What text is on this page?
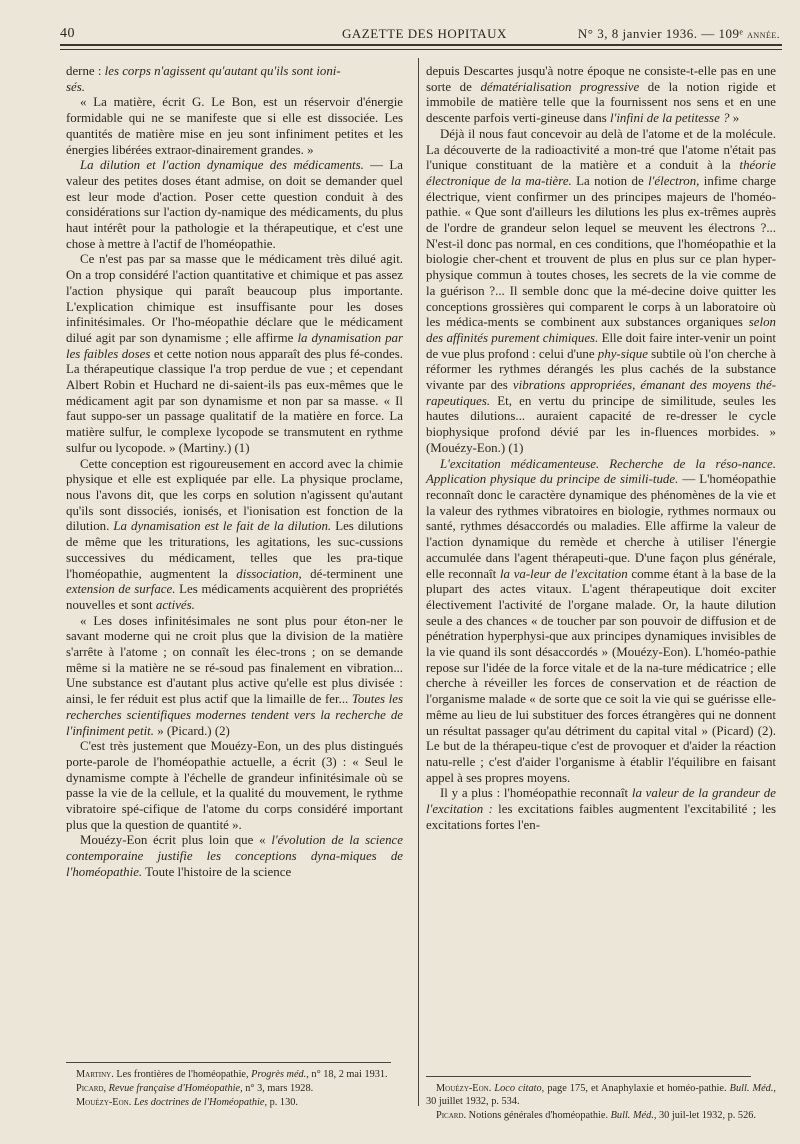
40	GAZETTE DES HOPITAUX	N° 3, 8 janvier 1936. — 109ᵉ année.

derne : les corps n'agissent qu'autant qu'ils sont ioni-
sés.

« La matière, écrit G. Le Bon, est un réservoir d'énergie formidable qui ne se manifeste que si elle est dissociée. Les quantités de matière mise en jeu sont infiniment petites et les énergies libérées extraor-dinairement grandes. »

La dilution et l'action dynamique des médicaments. — La valeur des petites doses étant admise, on doit se demander quel est leur mode d'action. Poser cette question conduit à des considérations sur l'action dy-namique des médicaments, du plus haut intérêt pour la pathologie et la thérapeutique, et c'est une chose à mettre à l'actif de l'homéopathie.

Ce n'est pas par sa masse que le médicament très dilué agit. On a trop considéré l'action quantitative et chimique et pas assez l'action physique qui paraît beaucoup plus importante. L'explication chimique est insuffisante pour les doses infinitésimales. Or l'ho-méopathie déclare que le médicament dilué agit par son dynamisme ; elle affirme la dynamisation par les faibles doses et cette notion nous apparaît des plus fé-condes. La thérapeutique classique l'a trop perdue de vue ; et cependant Albert Robin et Huchard ne di-saient-ils pas eux-mêmes que le médicament agit par son dynamisme et non par sa masse. « Il faut suppo-ser un passage qualitatif de la matière en force. La matière sulfur, le complexe lycopode se transmutent en rythme sulfur ou lycopode. » (Martiny.) (1)

Cette conception est rigoureusement en accord avec la chimie physique et elle est expliquée par elle. La physique proclame, nous l'avons dit, que les corps en solution n'agissent qu'autant qu'ils sont dissociés, ionisés, et l'ionisation est fonction de la dilution. La dynamisation est le fait de la dilution. Les dilutions de même que les triturations, les agitations, les suc-cussions successives du médicament, telles que les pra-tique l'homéopathie, augmentent la dissociation, dé-terminent une extension de surface. Les médicaments acquièrent des propriétés nouvelles et sont activés.

« Les doses infinitésimales ne sont plus pour éton-ner le savant moderne qui ne croit plus que la division de la matière s'arrête à l'atome ; on connaît les élec-trons ; on se demande même si la matière ne se ré-soud pas finalement en vibration... Une substance est d'autant plus active qu'elle est plus divisée : ainsi, le fer réduit est plus actif que la limaille de fer... Toutes les recherches scientifiques modernes tendent vers la recherche de l'infiniment petit. » (Picard.) (2)

C'est très justement que Mouézy-Eon, un des plus distingués porte-parole de l'homéopathie actuelle, a écrit (3) : « Seul le dynamisme compte à l'échelle de grandeur infinitésimale où se passe la vie de la cellule, et la qualité du mouvement, le rythme vibratoire spé-cifique de l'atome du corps considéré important plus que la question de quantité ».

Mouézy-Eon écrit plus loin que « l'évolution de la science contemporaine justifie les conceptions dyna-miques de l'homéopathie. Toute l'histoire de la science

depuis Descartes jusqu'à notre époque ne consiste-t-elle pas en une sorte de dématérialisation progressive de la notion rigide et immobile de matière telle que la fournissent nos sens et en une descente parfois verti-gineuse dans l'infini de la petitesse ? »

Déjà il nous faut concevoir au delà de l'atome et de la molécule. La découverte de la radioactivité a mon-tré que l'atome n'était pas l'unique constituant de la matière et a conduit à la théorie électronique de la ma-tière. La notion de l'électron, infime charge électrique, vient confirmer un des principes majeurs de l'homéo-pathie. « Que sont d'ailleurs les dilutions les plus ex-trêmes auprès de l'ordre de grandeur selon lequel se meuvent les électrons ?... N'est-il donc pas normal, en ces conditions, que l'homéopathie et la biologie cher-chent et trouvent de plus en plus sur ce plan hyper-physique commun à toutes choses, les secrets de la vie comme de la guérison ?... Il semble donc que la mé-decine doive quitter les conceptions grossières qui comparent le corps à un laboratoire où les médica-ments se combinent aux substances organiques selon des affinités purement chimiques. Elle doit faire inter-venir un point de vue plus profond : celui d'une phy-sique subtile où l'on cherche à réformer les rythmes dérangés les plus cachés de la substance vivante par des vibrations appropriées, émanant des moyens thé-rapeutiques. Et, en vertu du principe de similitude, seules les hautes dilutions... auraient capacité de re-dresser le cycle biophysique profond dévié par les in-fluences morbides. » (Mouézy-Eon.) (1)

L'excitation médicamenteuse. Recherche de la réso-nance. Application physique du principe de simili-tude. — L'homéopathie reconnaît donc le caractère dynamique des phénomènes de la vie et la valeur des rythmes vibratoires en biologie, rythmes normaux ou santé, rythmes désaccordés ou maladies. Elle affirme la valeur de l'action dynamique du remède et cherche à utiliser l'énergie accumulée dans l'agent thérapeuti-que. D'une façon plus générale, elle reconnaît la va-leur de l'excitation comme étant à la base de la plupart des actes vitaux. L'agent thérapeutique doit exciter électivement l'activité de l'organe malade. Or, la haute dilution seule a des chances « de toucher par son pouvoir de diffusion et de pénétration hyperphysi-que aux principes dynamiques invisibles de la vie quand ils sont désaccordés » (Mouézy-Eon). L'homéo-pathie repose sur l'idée de la force vitale et de la na-ture médicatrice ; elle cherche à réveiller les forces de conservation et de réaction de l'organisme malade « de sorte que ce soit la vie qui se guérisse elle-même au lieu de lui substituer des forces étrangères qui ne donnent un résultat passager qu'au détriment du capital vital » (Picard) (2). Le but de la thérapeu-tique c'est de provoquer et d'aider la réaction natu-relle ; c'est d'aider l'organisme à établir l'équilibre en faisant appel à ses propres moyens.

Il y a plus : l'homéopathie reconnaît la valeur de la grandeur de l'excitation : les excitations faibles augmentent l'excitabilité ; les excitations fortes l'en-

Martiny. Les frontières de l'homéopathie, Progrès méd., n° 18, 2 mai 1931.

Picard, Revue française d'Homéopathie, n° 3, mars 1928.

Mouézy-Eon. Les doctrines de l'Homéopathie, p. 130.

Mouézy-Eon. Loco citato, page 175, et Anaphylaxie et homéo-pathie. Bull. Méd., 30 juillet 1932, p. 534.

Picard. Notions générales d'homéopathie. Bull. Méd., 30 juil-let 1932, p. 526.
